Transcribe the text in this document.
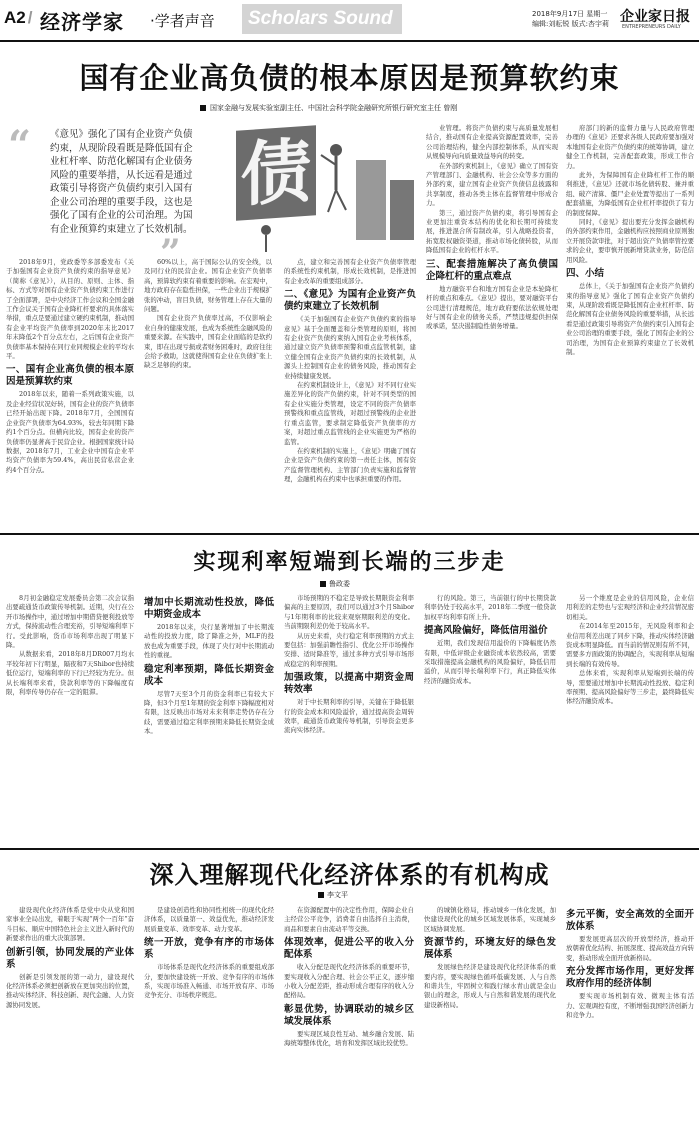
A2 / 经济学家 ·学者声音	Scholars Sound	2018年9月17日 星期一
编辑:刘耘锐 版式:杏宇莉 企业家日报
ENTREPRENEURS DAILY
国有企业高负债的根本原因是预算软约束
国家金融与发展实验室副主任、中国社会科学院金融研究所银行研究室主任 曾刚
“ 《意见》强化了国有企业资产负债约束，从现阶段看既是降低国有企业杠杆率、防范化解国有企业债务风险的重要举措，从长远看是通过政策引导将资产负债约束引入国有企业公司治理的重要手段，这也是强化了国有企业的公司治理。为国有企业预算约束建立了长效机制。
”
债

2018年9月，党政委等多部委发布《关于加强国有企业资产负债约束的指导意见》（简称《意见》），从目的、原则、主体、指标、方式等对国有企业资产负债约束工作进行了全面部署，是中央经济工作会议和全国金融工作会议关于国有企业降杠杆要求的具体落实举措，重点是要通过建立硬约束机制，推动国有企业平均资产负债率到2020年末比2017年末降低2个百分点左右，之后国有企业资产负债率基本保持在同行业同规模企业的平均水平。

一、国有企业高负债的根本原因是预算软约束

2018年以来，随着一系列政策实施，以及企业经营状况好转，国有企业的资产负债率已经开始出现下降。2018年7月，全国国有企业资产负债率为64.93%，较去年同期下降约1个百分点。但横向比较，国有企业的资产负债率仍显著高于民营企业。根据国家统计局数据，2018年7月，工业企业中国有企业平均资产负债率为59.4%，高出民营私营企业约4个百分点。

60%以上，高于国际公认的安全线，以及同行业的民营企业。国有企业资产负债率高，预算软约束有着重要的影响。在宏观中，地方政府存在隐性担保，一些企业出于规模扩张的冲动，盲目负债，财务管理上存在大量的问题。

国有企业资产负债率过高，不仅影响企业自身的健康发展，也成为系统性金融风险的重要来源。在实践中，国有企业面临的是软约束，即在出现亏损或者财务困难时，政府往往会给予救助，这就使得国有企业在负债扩张上缺乏足够的约束。

点，建立和完善国有企业资产负债率管理的系统性约束机制，形成长效机制，是推进国有企业改革的重要组成部分。

二、《意见》为国有企业资产负债约束建立了长效机制

《关于加强国有企业资产负债约束的指导意见》基于全面覆盖和分类管理的原则，将国有企业资产负债约束纳入国有企业考核体系，通过建立资产负债率预警和重点监管机制，建立健全国有企业资产负债约束的长效机制，从源头上控制国有企业的债务风险，推动国有企业持续健康发展。

在约束机制设计上，《意见》对不同行业实施差异化的资产负债约束，针对不同类型的国有企业实施分类管理，设定不同的资产负债率预警线和重点监管线，对超过预警线的企业进行重点监管，要求制定降低资产负债率的方案，对超过重点监管线的企业实施更为严格的监管。

在约束机制的实施上，《意见》明确了国有企业是资产负债约束的第一责任主体，国有资产监督管理机构、主管部门负责实施和监督管理，金融机构在约束中也承担重要的作用。

业管理。将资产负债约束与高质量发展相结合，推动国有企业提高资源配置效率，完善公司治理结构，健全内部控制体系，从而实现从规模导向向质量效益导向的转变。

在外部约束机制上，《意见》确立了国有资产管理部门、金融机构、社会公众等多方面的外部约束，建立国有企业资产负债信息披露和共享制度，推动各类主体在监督管理中形成合力。

第三，通过资产负债约束，将引导国有企业更加注重资本结构的优化和长期可持续发展，推进混合所有制改革，引入战略投资者，拓宽股权融资渠道，推动市场化债转股，从而降低国有企业的杠杆水平。

三、配套措施解决了高负债国企降杠杆的重点难点

地方融资平台和地方国有企业是本轮降杠杆的重点和难点。《意见》提出，要对融资平台公司进行清理规范，地方政府要依法依规处理好与国有企业的债务关系，严禁违规提供担保或承诺，坚决遏制隐性债务增量。

府部门的新的监督力量与人民政府管理办理的《意见》还要求各级人民政府要加强对本地国有企业资产负债约束的统筹协调，建立健全工作机制，完善配套政策，形成工作合力。

此外，为保障国有企业降杠杆工作的顺利推进，《意见》还就市场化债转股、兼并重组、破产清算、僵尸企业处置等提出了一系列配套措施，为降低国有企业杠杆率提供了有力的制度保障。

同时，《意见》提出要充分发挥金融机构的外部约束作用，金融机构应按照商业原则独立开展贷款审批，对于超出资产负债率管控要求的企业，要审慎开展新增贷款业务，防范信用风险。

四、小结

总体上，《关于加强国有企业资产负债约束的指导意见》强化了国有企业资产负债约束，从现阶段看既是降低国有企业杠杆率、防范化解国有企业债务风险的重要举措，从长远看是通过政策引导将资产负债约束引入国有企业公司治理的重要手段，强化了国有企业的公司治理，为国有企业预算约束建立了长效机制。

实现利率短端到长端的三步走
鲁政委

8月初金融稳定发展委员会第二次会议指出要疏通货币政策传导机制。近期，央行在公开市场操作中，通过增加中期借贷便利投放等方式，保持流动性合理充裕，引导短端利率下行。受此影响，货币市场利率出现了明显下降。

从数据来看，2018年8月DR007月均水平较年初下行明显，隔夜和7天Shibor也持续低位运行，短端利率的下行已经较为充分。但从长端利率来看，贷款利率等的下降幅度有限，利率传导仍存在一定的阻滞。

增加中长期流动性投放，降低中期资金成本

2018年以来，央行显著增加了中长期流动性的投放力度，除了降准之外，MLF的投放也成为重要手段，体现了央行对中长期流动性的重视。

稳定利率预期，降低长期资金成本

尽管7天至3个月的资金利率已有较大下降，但3个月至1年期的资金利率下降幅度相对有限，这反映出市场对未来利率走势仍存在分歧，需要通过稳定利率预期来降低长期资金成本。

市场预期的不稳定是导致长期限资金利率偏高的主要原因，我们可以通过3个月Shibor与1年期利率的比较来观察期限利差的变化。当前期限利差仍处于较高水平。

从历史来看，央行稳定利率预期的方式主要包括：加强前瞻性指引、优化公开市场操作安排、适时降准等，通过多种方式引导市场形成稳定的利率预期。

加强政策，以提高中期资金周转效率

对于中长期利率的引导，关键在于降低银行的资金成本和风险溢价，通过提高资金周转效率，疏通货币政策传导机制，引导资金更多流向实体经济。

行的风险。第三，当前银行的中长期贷款利率仍处于较高水平，2018年二季度一般贷款加权平均利率有所上升。

提高风险偏好，降低信用溢价

近期，我们发现信用溢价的下降幅度仍然有限，中低评级企业融资成本依然较高，需要采取措施提高金融机构的风险偏好，降低信用溢价，从而引导长端利率下行，真正降低实体经济的融资成本。

另一个维度是企业的信用风险，企业信用利差的走势也与宏观经济和企业经营情况密切相关。

在2014年至2015年，无风险利率和企业信用利差出现了同步下降，推动实体经济融资成本明显降低。而当前的情况则有所不同，需要多方面政策的协调配合，实现利率从短端到长端的有效传导。

总体来看，实现利率从短端到长端的传导，需要通过增加中长期流动性投放、稳定利率预期、提高风险偏好等三步走，最终降低实体经济融资成本。

深入理解现代化经济体系的有机构成
李文平

建设现代化经济体系是党中央从党和国家事业全局出发，着眼于实现“两个一百年”奋斗目标、顺应中国特色社会主义进入新时代的新要求作出的重大决策部署。

创新引领，协同发展的产业体系

创新是引领发展的第一动力，建设现代化经济体系必须把创新放在更加突出的位置，推动实体经济、科技创新、现代金融、人力资源协同发展。

是建设创造性和协同性相统一的现代化经济体系，以质量第一、效益优先，推动经济发展质量变革、效率变革、动力变革。

统一开放，竞争有序的市场体系

市场体系是现代化经济体系的重要组成部分，要加快建设统一开放、竞争有序的市场体系，实现市场准入畅通、市场开放有序、市场竞争充分、市场秩序规范。

在资源配置中的决定性作用，保障企业自主经营公平竞争，消费者自由选择自主消费，商品和要素自由流动平等交换。

体现效率，促进公平的收入分配体系

收入分配是现代化经济体系的重要环节，要实现收入分配合理、社会公平正义，逐步缩小收入分配差距，推动形成合理有序的收入分配格局。

彰显优势，协调联动的城乡区域发展体系

要实现区域良性互动、城乡融合发展、陆海统筹整体优化，培育和发挥区域比较优势。

的城镇化格局，推动城乡一体化发展，加快建设现代化的城乡区域发展体系，实现城乡区域协调发展。

资源节约，环境友好的绿色发展体系

发展绿色经济是建设现代化经济体系的重要内容，要实现绿色循环低碳发展、人与自然和谐共生，牢固树立和践行绿水青山就是金山银山的理念，形成人与自然和谐发展的现代化建设新格局。

多元平衡，安全高效的全面开放体系

要发展更高层次的开放型经济，推动开放朝着优化结构、拓展深度、提高效益方向转变，推动形成全面开放新格局。

充分发挥市场作用，更好发挥政府作用的经济体制

要实现市场机制有效、微观主体有活力、宏观调控有度，不断增强我国经济创新力和竞争力。
